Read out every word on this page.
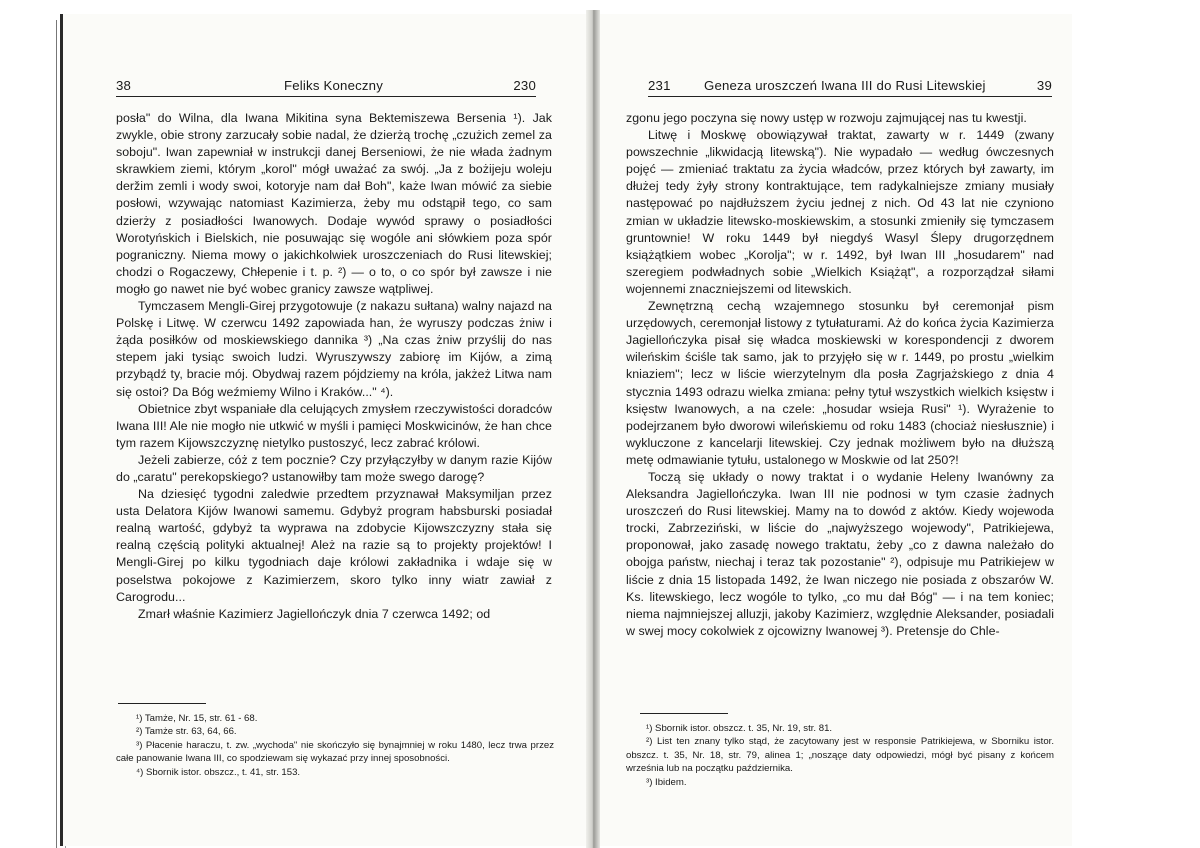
38	Feliks Koneczny	230	231	Geneza uroszczeń Iwana III do Rusi Litewskiej	39

posła" do Wilna, dla Iwana Mikitina syna Bektemiszewa Bersenia ¹). Jak zwykle, obie strony zarzucały sobie nadal, że dzierżą trochę „czużich zemel za soboju". Iwan zapewniał w instrukcji danej Berseniowi, że nie włada żadnym skrawkiem ziemi, którym „korol" mógł uważać za swój. „Ja z bożijeju woleju deržim zemli i wody swoi, kotoryje nam dał Boh", każe Iwan mówić za siebie posłowi, wzywając natomiast Kazimierza, żeby mu odstąpił tego, co sam dzierży z posiadłości Iwanowych. Dodaje wywód sprawy o posiadłości Worotyńskich i Bielskich, nie posuwając się wogóle ani słówkiem poza spór pograniczny. Niema mowy o jakichkolwiek uroszczeniach do Rusi litewskiej; chodzi o Rogaczewy, Chłepenie i t. p. ²) — o to, o co spór był zawsze i nie mogło go nawet nie być wobec granicy zawsze wątpliwej.

Tymczasem Mengli-Girej przygotowuje (z nakazu sułtana) walny najazd na Polskę i Litwę. W czerwcu 1492 zapowiada han, że wyruszy podczas żniw i żąda posiłków od moskiewskiego dannika ³) „Na czas żniw przyślij do nas stepem jaki tysiąc swoich ludzi. Wyruszywszy zabiorę im Kijów, a zimą przybądź ty, bracie mój. Obydwaj razem pójdziemy na króla, jakżeż Litwa nam się ostoi? Da Bóg weźmiemy Wilno i Kraków..." ⁴).

Obietnice zbyt wspaniałe dla celujących zmysłem rzeczywistości doradców Iwana III! Ale nie mogło nie utkwić w myśli i pamięci Moskwicinów, że han chce tym razem Kijowszczyznę nietylko pustoszyć, lecz zabrać królowi.

Jeżeli zabierze, cóż z tem pocznie? Czy przyłączyłby w danym razie Kijów do „caratu" perekopskiego? ustanowiłby tam może swego darogę?

Na dziesięć tygodni zaledwie przedtem przyznawał Maksymiljan przez usta Delatora Kijów Iwanowi samemu. Gdybyż program habsburski posiadał realną wartość, gdybyż ta wyprawa na zdobycie Kijowszczyzny stała się realną częścią polityki aktualnej! Ależ na razie są to projekty projektów! I Mengli-Girej po kilku tygodniach daje królowi zakładnika i wdaje się w poselstwa pokojowe z Kazimierzem, skoro tylko inny wiatr zawiał z Carogrodu...

Zmarł właśnie Kazimierz Jagiellończyk dnia 7 czerwca 1492; od

¹) Tamże, Nr. 15, str. 61 - 68.

²) Tamże str. 63, 64, 66.

³) Płacenie haraczu, t. zw. „wychoda" nie skończyło się bynajmniej w roku 1480, lecz trwa przez całe panowanie Iwana III, co spodziewam się wykazać przy innej sposobności.

⁴) Sbornik istor. obszcz., t. 41, str. 153.

zgonu jego poczyna się nowy ustęp w rozwoju zajmującej nas tu kwestji.

Litwę i Moskwę obowiązywał traktat, zawarty w r. 1449 (zwany powszechnie „likwidacją litewską"). Nie wypadało — według ówczesnych pojęć — zmieniać traktatu za życia władców, przez których był zawarty, im dłużej tedy żyły strony kontraktujące, tem radykalniejsze zmiany musiały następować po najdłuższem życiu jednej z nich. Od 43 lat nie czyniono zmian w układzie litewsko-moskiewskim, a stosunki zmieniły się tymczasem gruntownie! W roku 1449 był niegdyś Wasyl Ślepy drugorzędnem książątkiem wobec „Korolja"; w r. 1492, był Iwan III „hosudarem" nad szeregiem podwładnych sobie „Wielkich Książąt", a rozporządzał siłami wojennemi znaczniejszemi od litewskich.

Zewnętrzną cechą wzajemnego stosunku był ceremonjał pism urzędowych, ceremonjał listowy z tytułaturami. Aż do końca życia Kazimierza Jagiellończyka pisał się władca moskiewski w korespondencji z dworem wileńskim ściśle tak samo, jak to przyjęło się w r. 1449, po prostu „wielkim kniaziem"; lecz w liście wierzytelnym dla posła Zagrjażskiego z dnia 4 stycznia 1493 odrazu wielka zmiana: pełny tytuł wszystkich wielkich księstw i księstw Iwanowych, a na czele: „hosudar wsieja Rusi" ¹). Wyrażenie to podejrzanem było dworowi wileńskiemu od roku 1483 (chociaż niesłusznie) i wykluczone z kancelarji litewskiej. Czy jednak możliwem było na dłuższą metę odmawianie tytułu, ustalonego w Moskwie od lat 250?!

Toczą się układy o nowy traktat i o wydanie Heleny Iwanówny za Aleksandra Jagiellończyka. Iwan III nie podnosi w tym czasie żadnych uroszczeń do Rusi litewskiej. Mamy na to dowód z aktów. Kiedy wojewoda trocki, Zabrzeziński, w liście do „najwyższego wojewody", Patrikiejewa, proponował, jako zasadę nowego traktatu, żeby „co z dawna należało do obojga państw, niechaj i teraz tak pozostanie" ²), odpisuje mu Patrikiejew w liście z dnia 15 listopada 1492, że Iwan niczego nie posiada z obszarów W. Ks. litewskiego, lecz wogóle to tylko, „co mu dał Bóg" — i na tem koniec; niema najmniejszej alluzji, jakoby Kazimierz, względnie Aleksander, posiadali w swej mocy cokolwiek z ojcowizny Iwanowej ³). Pretensje do Chle-

¹) Sbornik istor. obszcz. t. 35, Nr. 19, str. 81.

²) List ten znany tylko stąd, że zacytowany jest w responsie Patrikiejewa, w Sborniku istor. obszcz. t. 35, Nr. 18, str. 79, alinea 1; „nosząc̨e daty odpowiedzi, mógł być pisany z końcem września lub na początku października.

³) Ibidem.
